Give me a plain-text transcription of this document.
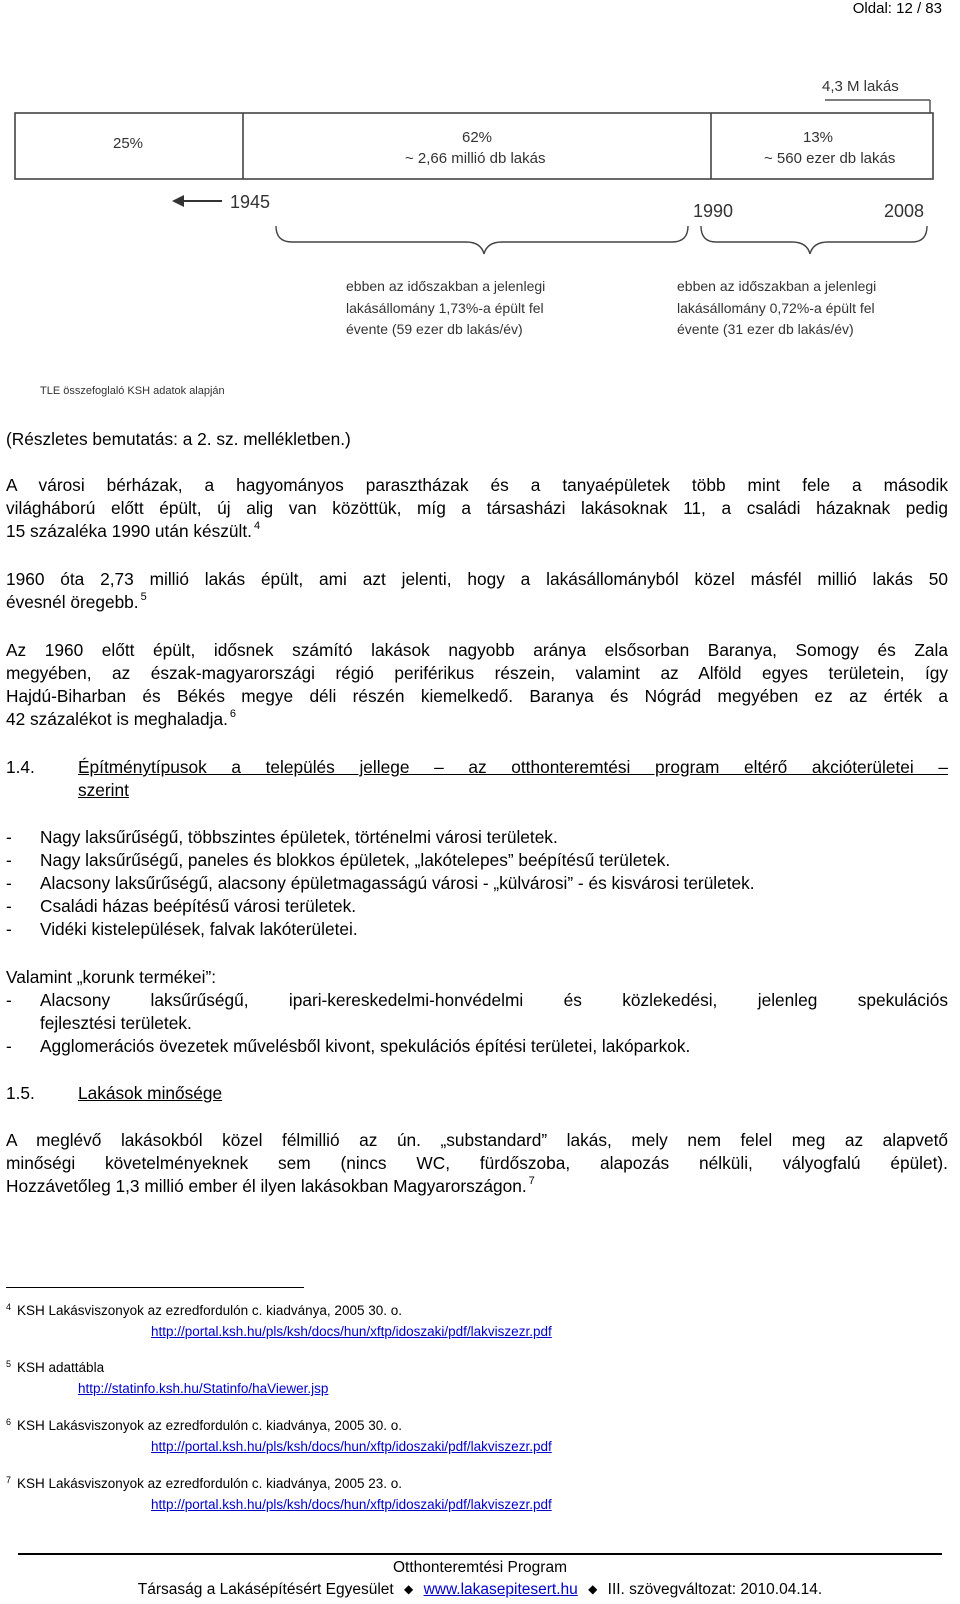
Oldal: 12 / 83
4,3 M lakás
25%	62%
~ 2,66 millió db lakás
13%
~ 560 ezer db lakás
1945	1990	2008
ebben az időszakban a jelenlegi
lakásállomány 1,73%-a épült fel
évente (59 ezer db lakás/év)
ebben az időszakban a jelenlegi
lakásállomány 0,72%-a épült fel
évente (31 ezer db lakás/év)
TLE összefoglaló KSH adatok alapján
(Részletes bemutatás: a 2. sz. mellékletben.)
A városi bérházak, a hagyományos parasztházak és a tanyaépületek több mint fele a második
világháború előtt épült, új alig van közöttük, míg a társasházi lakásoknak 11, a családi házaknak pedig
15 százaléka 1990 után készült. $^4$
1960 óta 2,73 millió lakás épült, ami azt jelenti, hogy a lakásállományból közel másfél millió lakás 50
évesnél öregebb. $^5$
Az 1960 előtt épült, idősnek számító lakások nagyobb aránya elsősorban Baranya, Somogy és Zala
megyében, az észak-magyarországi régió periférikus részein, valamint az Alföld egyes területein, így
Hajdú-Biharban és Békés megye déli részén kiemelkedő. Baranya és Nógrád megyében ez az érték a
42 százalékot is meghaladja. $^6$
1.4. Építménytípusok a település jellege – az otthonteremtési program eltérő akcióterületei –
szerint
- Nagy laksűrűségű, többszintes épületek, történelmi városi területek.
- Nagy laksűrűségű, paneles és blokkos épületek, „lakótelepes” beépítésű területek.
- Alacsony laksűrűségű, alacsony épületmagasságú városi - „külvárosi” - és kisvárosi területek.
- Családi házas beépítésű városi területek.
- Vidéki kistelepülések, falvak lakóterületei.
Valamint „korunk termékei”:
- Alacsony laksűrűségű, ipari-kereskedelmi-honvédelmi és közlekedési, jelenleg spekulációs
fejlesztési területek.
- Agglomerációs övezetek művelésből kivont, spekulációs építési területei, lakóparkok.
1.5. Lakások minősége
A meglévő lakásokból közel félmillió az ún. „substandard” lakás, mely nem felel meg az alapvető
minőségi követelményeknek sem (nincs WC, fürdőszoba, alapozás nélküli, vályogfalú épület).
Hozzávetőleg 1,3 millió ember él ilyen lakásokban Magyarországon. $^7$
$^4$ KSH Lakásviszonyok az ezredfordulón c. kiadványa, 2005 30. o.
http://portal.ksh.hu/pls/ksh/docs/hun/xftp/idoszaki/pdf/lakviszezr.pdf
$^5$ KSH adattábla
http://statinfo.ksh.hu/Statinfo/haViewer.jsp
$^6$ KSH Lakásviszonyok az ezredfordulón c. kiadványa, 2005 30. o.
http://portal.ksh.hu/pls/ksh/docs/hun/xftp/idoszaki/pdf/lakviszezr.pdf
$^7$ KSH Lakásviszonyok az ezredfordulón c. kiadványa, 2005 23. o.
http://portal.ksh.hu/pls/ksh/docs/hun/xftp/idoszaki/pdf/lakviszezr.pdf
Otthonteremtési Program
Társaság a Lakásépítésért Egyesület ◆ www.lakasepitesert.hu ◆ III. szövegváltozat: 2010.04.14.
